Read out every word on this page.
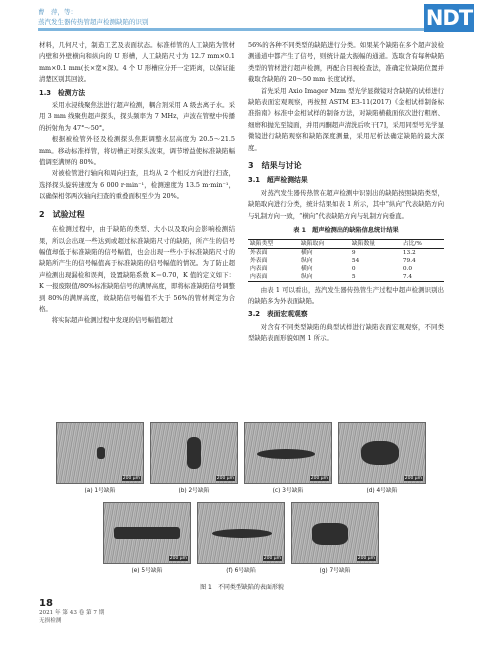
曹　萍，等：
蒸汽发生器传热管超声检测缺陷的识别	NDT

材料，几何尺寸，制造工艺及表面状态。标准样管的人工缺陷为管材内壁和外壁横向和纵向的 U 形槽，人工缺陷尺寸为 12.7 mm×0.1 mm×0.1 mm(长×宽×深)。4 个 U 形槽应分开一定距离，以保证能清楚区别其回波。

1.3　检测方法

采用水浸线聚焦法进行超声检测，耦合剂采用 A 级去离子水。采用 3 mm 线聚焦超声探头，探头频率为 7 MHz，声波在管壁中传播的折射角为 47°～50°。

根据被检管外径及检测探头焦距调整水层高度为 20.5～21.5 mm。移动标准样管，将切槽正对探头波束，调节增益使标准缺陷幅值调至满屏的 80%。

对被检管进行轴向和周向扫查，且均从 2 个相反方向进行扫查，选择探头旋转速度为 6 000 r·min⁻¹，检测速度为 13.5 m·min⁻¹，以确保相邻两次轴向扫查的重叠面积至少为 20%。

2　试验过程

在检测过程中，由于缺陷的类型、大小以及取向会影响检测结果，所以会出现一些达到或超过标准缺陷尺寸的缺陷，所产生的信号幅值却低于标准缺陷的信号幅值，也会出现一些小于标准缺陷尺寸的缺陷所产生的信号幅值高于标准缺陷的信号幅值的情况。为了防止超声检测出现漏检和误判，设置缺陷系数 K＝0.70，K 值的定义如下：K 一报废限值/80%标准缺陷信号的满屏高度，即将标准缺陷信号调整到 80%的满屏高度，故缺陷信号幅值不大于 56%的管材判定为合格。

将实际超声检测过程中发现的信号幅值超过

56%的各种不同类型的缺陷进行分类。如果某个缺陷在多个超声波检测通道中都产生了信号，则统计最大振幅的通道。选取含有每种缺陷类型的管材进行超声检测，再配合目视检查法，准确定位缺陷位置并截取含缺陷的 20～50 mm 长度试样。

首先采用 Axio Imager Mzm 型光学显微镜对含缺陷的试样进行缺陷表面宏观观察，再按照 ASTM E3-11(2017)《金相试样制备标准指南》标准中金相试样的制备方法，对缺陷横截面依次进行粗磨、细磨和抛光至镜面，并用丙酮超声清洗后吹干[7]，采用同型号光学显微镜进行缺陷观察和缺陷深度测量，采用尼析法确定缺陷的最大深度。

3　结果与讨论
3.1　超声检测结果

对蒸汽发生器传热管在超声检测中识别出的缺陷按照缺陷类型，缺陷取向进行分类，统计结果如表 1 所示，其中“纵向”代表缺陷方向与轧制方向一致，“横向”代表缺陷方向与轧制方向垂直。

表 1　超声检测出的缺陷信息统计结果
缺陷类型	缺陷取向	缺陷数量	占比/%
外表面	横向	9	13.2
外表面	纵向	54	79.4
内表面	横向	0	0.0
内表面	纵向	5	7.4

由表 1 可以看出，蒸汽发生器传热管生产过程中超声检测识别出的缺陷多为外表面缺陷。

3.2　表面宏观观察

对含有不同类型缺陷的典型试样进行缺陷表面宏观观察，不同类型缺陷表面形貌如图 1 所示。

200 μm
(a) 1号缺陷
200 μm
(b) 2号缺陷
200 μm
(c) 3号缺陷
200 μm
(d) 4号缺陷
200 μm
(e) 5号缺陷
200 μm
(f) 6号缺陷
200 μm
(g) 7号缺陷
图 1　不同类型缺陷的表面形貌
18
2021 年 第 43 卷 第 7 期
无损检测
